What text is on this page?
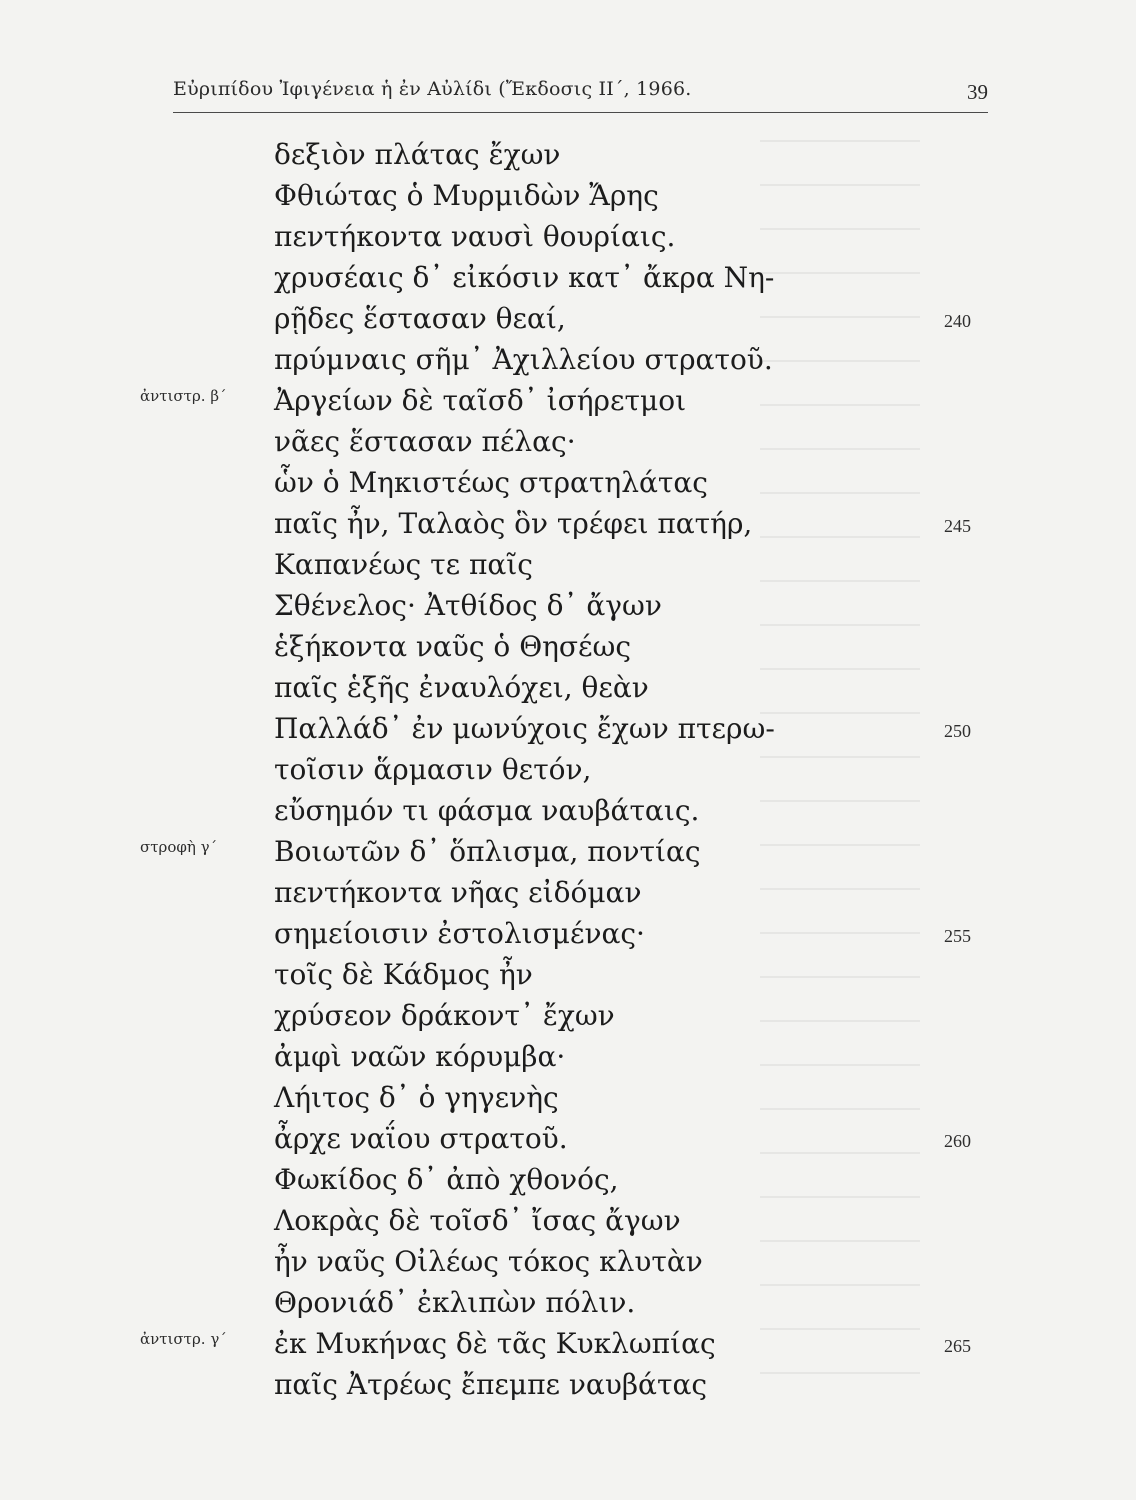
Εὐριπίδου Ἰφιγένεια ἡ ἐν Αὐλίδι (Ἔκδοσις ΙΙ΄, 1966.	39
δεξιὸν πλάτας ἔχων
Φθιώτας ὁ Μυρμιδὼν Ἄρης
πεντήκοντα ναυσὶ θουρίαις.
χρυσέαις δ᾽ εἰκόσιν κατ᾽ ἄκρα Νη-
ρῇδες ἕστασαν θεαί,	240
πρύμναις σῆμ᾽ Ἀχιλλείου στρατοῦ.
ἀντιστρ. β΄ Ἀργείων δὲ ταῖσδ᾽ ἰσήρετμοι
νᾶες ἕστασαν πέλας·
ὧν ὁ Μηκιστέως στρατηλάτας
παῖς ἦν, Ταλαὸς ὃν τρέφει πατήρ,	245
Καπανέως τε παῖς
Σθένελος· Ἀτθίδος δ᾽ ἄγων
ἑξήκοντα ναῦς ὁ Θησέως
παῖς ἑξῆς ἐναυλόχει, θεὰν
Παλλάδ᾽ ἐν μωνύχοις ἔχων πτερω-	250
τοῖσιν ἅρμασιν θετόν,
εὔσημόν τι φάσμα ναυβάταις.
στροφὴ γ΄ Βοιωτῶν δ᾽ ὅπλισμα, ποντίας
πεντήκοντα νῆας εἰδόμαν
σημείοισιν ἐστολισμένας·	255
τοῖς δὲ Κάδμος ἦν
χρύσεον δράκοντ᾽ ἔχων
ἀμφὶ ναῶν κόρυμβα·
Λήιτος δ᾽ ὁ γηγενὴς
ἆρχε ναΐου στρατοῦ.	260
Φωκίδος δ᾽ ἀπὸ χθονός,
Λοκρὰς δὲ τοῖσδ᾽ ἴσας ἄγων
ἦν ναῦς Οἰλέως τόκος κλυτὰν
Θρονιάδ᾽ ἐκλιπὼν πόλιν.
ἀντιστρ. γ΄ ἐκ Μυκήνας δὲ τᾶς Κυκλωπίας	265
παῖς Ἀτρέως ἔπεμπε ναυβάτας
